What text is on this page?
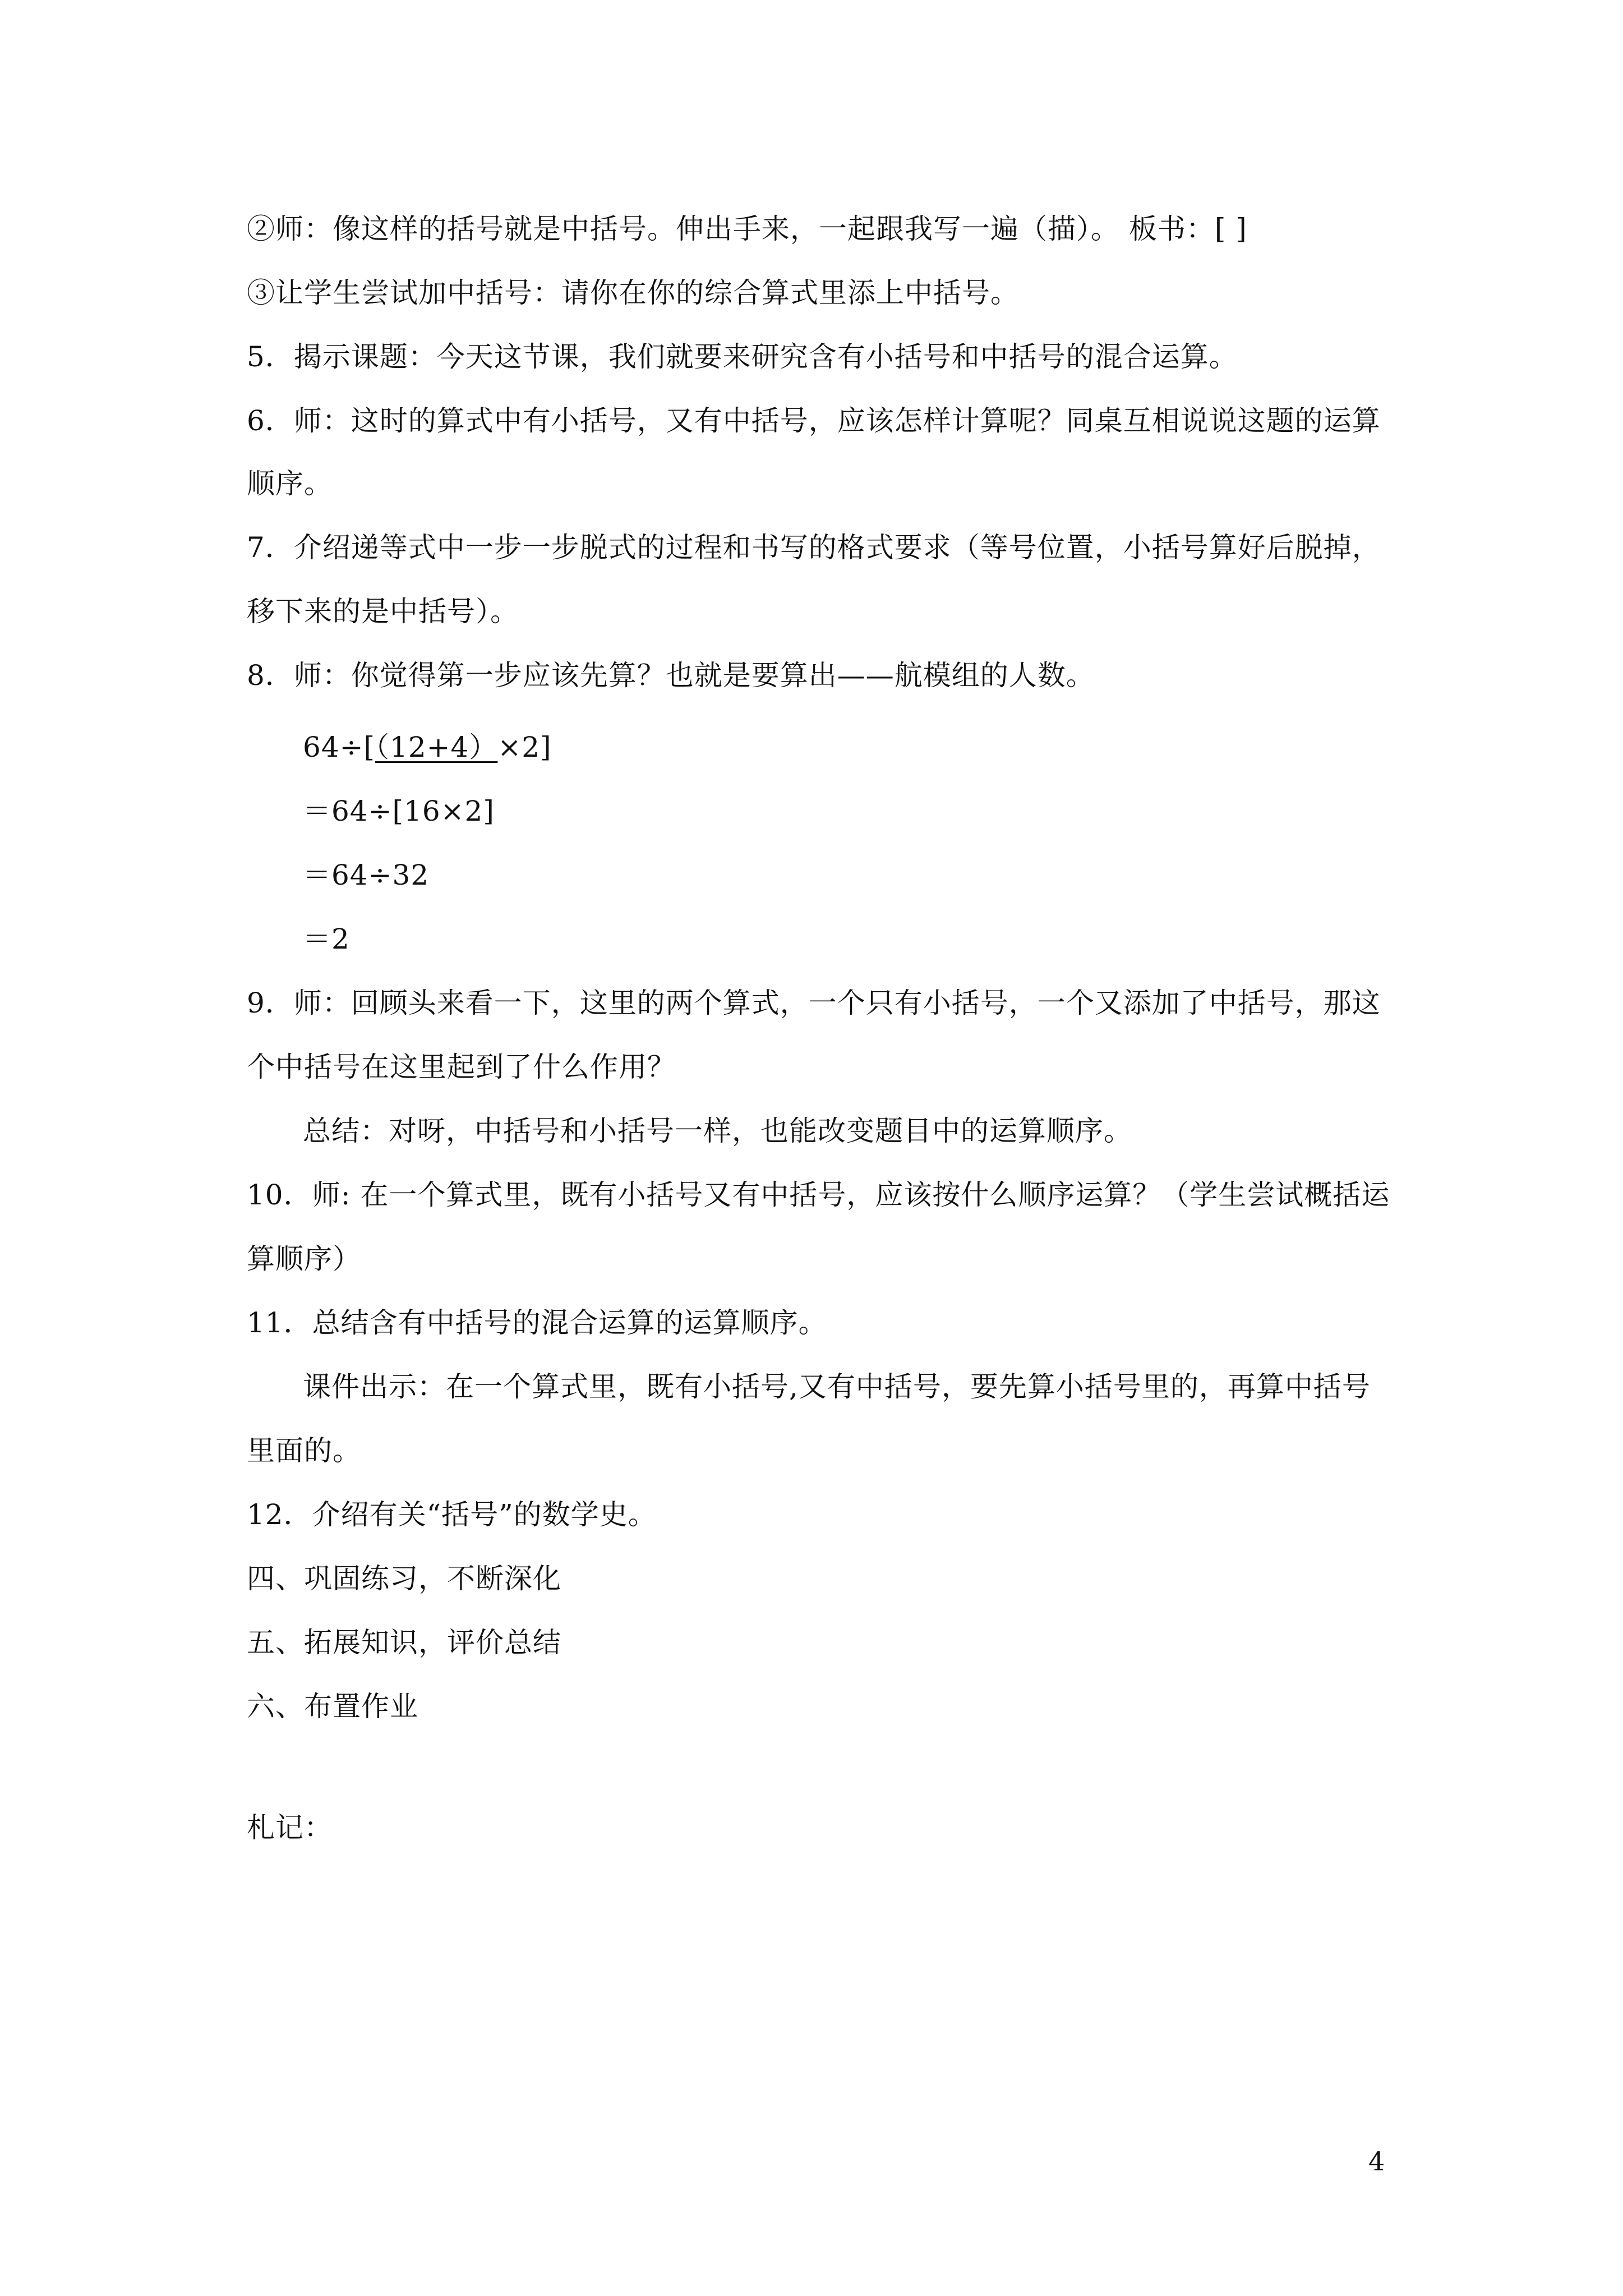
②师：像这样的括号就是中括号。伸出手来，一起跟我写一遍（描）。 板书：[ ]
③让学生尝试加中括号：请你在你的综合算式里添上中括号。
5．揭示课题：今天这节课，我们就要来研究含有小括号和中括号的混合运算。
6．师：这时的算式中有小括号，又有中括号，应该怎样计算呢？同桌互相说说这题的运算
顺序。
7．介绍递等式中一步一步脱式的过程和书写的格式要求（等号位置，小括号算好后脱掉，
移下来的是中括号）。
8．师：你觉得第一步应该先算？也就是要算出——航模组的人数。
64÷[（12+4）×2]
＝64÷[16×2]
＝64÷32
＝2
9．师：回顾头来看一下，这里的两个算式，一个只有小括号，一个又添加了中括号，那这
个中括号在这里起到了什么作用？
总结：对呀，中括号和小括号一样，也能改变题目中的运算顺序。
10．师: 在一个算式里，既有小括号又有中括号，应该按什么顺序运算？（学生尝试概括运
算顺序）
11．总结含有中括号的混合运算的运算顺序。
课件出示：在一个算式里，既有小括号,又有中括号，要先算小括号里的，再算中括号
里面的。
12．介绍有关“括号”的数学史。
四、巩固练习，不断深化
五、拓展知识，评价总结
六、布置作业
札记：
4
